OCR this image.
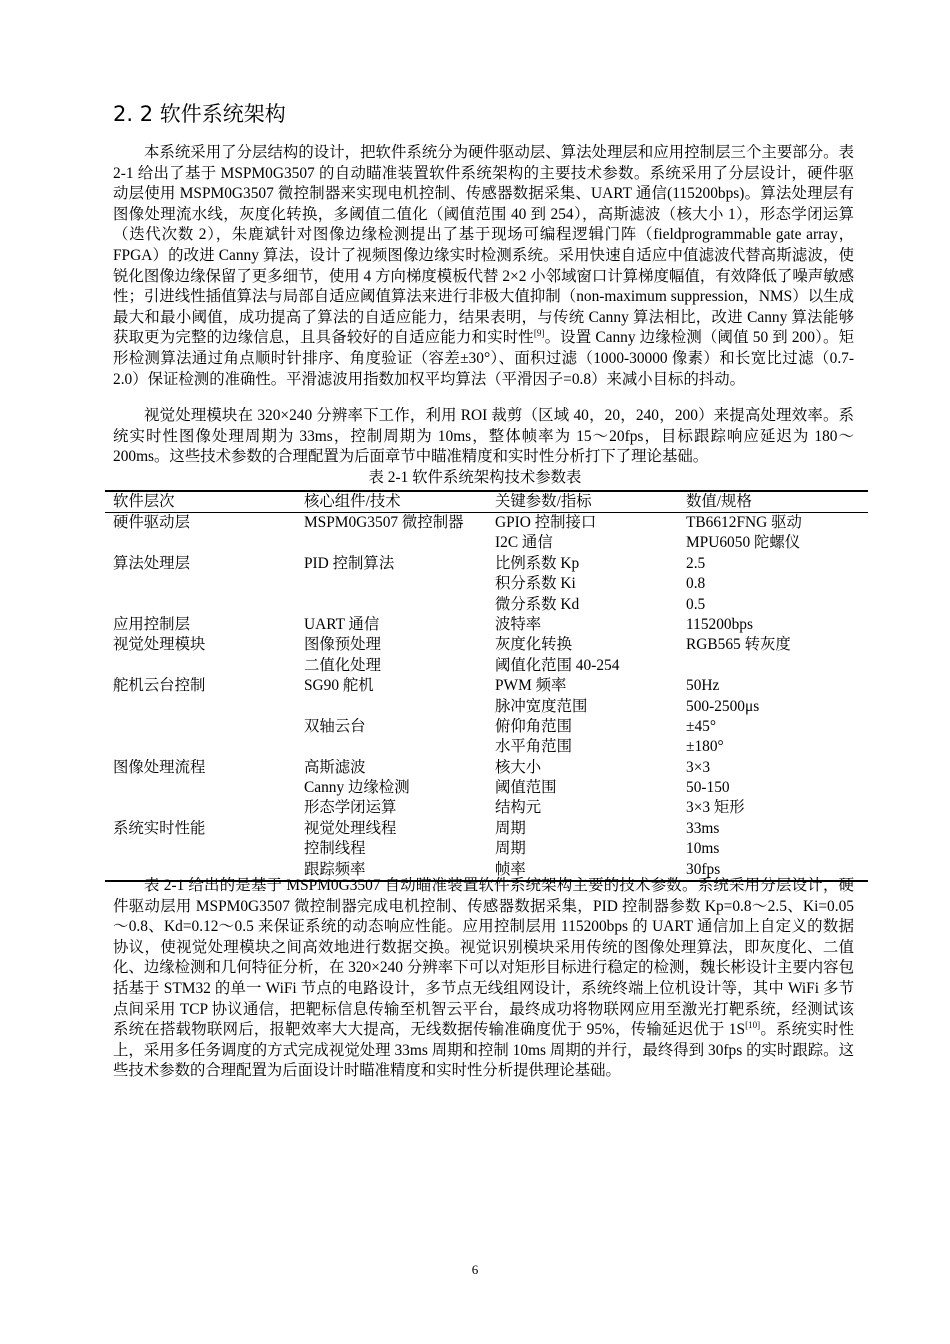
2. 2 软件系统架构

本系统采用了分层结构的设计，把软件系统分为硬件驱动层、算法处理层和应用控制层三个主要部分。表 2-1 给出了基于 MSPM0G3507 的自动瞄准装置软件系统架构的主要技术参数。系统采用了分层设计，硬件驱动层使用 MSPM0G3507 微控制器来实现电机控制、传感器数据采集、UART 通信(115200bps)。算法处理层有图像处理流水线，灰度化转换，多阈值二值化（阈值范围 40 到 254），高斯滤波（核大小 1），形态学闭运算（迭代次数 2），朱鹿斌针对图像边缘检测提出了基于现场可编程逻辑门阵（fieldprogrammable gate array，FPGA）的改进 Canny 算法，设计了视频图像边缘实时检测系统。采用快速自适应中值滤波代替高斯滤波，使锐化图像边缘保留了更多细节，使用 4 方向梯度模板代替 2×2 小邻域窗口计算梯度幅值，有效降低了噪声敏感性；引进线性插值算法与局部自适应阈值算法来进行非极大值抑制（non-maximum suppression，NMS）以生成最大和最小阈值，成功提高了算法的自适应能力，结果表明，与传统 Canny 算法相比，改进 Canny 算法能够获取更为完整的边缘信息，且具备较好的自适应能力和实时性[9]。设置 Canny 边缘检测（阈值 50 到 200）。矩形检测算法通过角点顺时针排序、角度验证（容差±30°）、面积过滤（1000-30000 像素）和长宽比过滤（0.7-2.0）保证检测的准确性。平滑滤波用指数加权平均算法（平滑因子=0.8）来减小目标的抖动。

视觉处理模块在 320×240 分辨率下工作，利用 ROI 裁剪（区域 40，20，240，200）来提高处理效率。系统实时性图像处理周期为 33ms，控制周期为 10ms，整体帧率为 15～20fps，目标跟踪响应延迟为 180～200ms。这些技术参数的合理配置为后面章节中瞄准精度和实时性分析打下了理论基础。

表 2-1 软件系统架构技术参数表
软件层次	核心组件/技术	关键参数/指标	数值/规格
硬件驱动层	MSPM0G3507 微控制器	GPIO 控制接口	TB6612FNG 驱动
		I2C 通信	MPU6050 陀螺仪
算法处理层	PID 控制算法	比例系数 Kp	2.5
		积分系数 Ki	0.8
		微分系数 Kd	0.5
应用控制层	UART 通信	波特率	115200bps
视觉处理模块	图像预处理	灰度化转换	RGB565 转灰度
	二值化处理	阈值化范围 40-254	
舵机云台控制	SG90 舵机	PWM 频率	50Hz
		脉冲宽度范围	500-2500μs
	双轴云台	俯仰角范围	±45°
		水平角范围	±180°
图像处理流程	高斯滤波	核大小	3×3
	Canny 边缘检测	阈值范围	50-150
	形态学闭运算	结构元	3×3 矩形
系统实时性能	视觉处理线程	周期	33ms
	控制线程	周期	10ms
	跟踪频率	帧率	30fps

表 2-1 给出的是基于 MSPM0G3507 自动瞄准装置软件系统架构主要的技术参数。系统采用分层设计，硬件驱动层用 MSPM0G3507 微控制器完成电机控制、传感器数据采集，PID 控制器参数 Kp=0.8～2.5、Ki=0.05～0.8、Kd=0.12～0.5 来保证系统的动态响应性能。应用控制层用 115200bps 的 UART 通信加上自定义的数据协议，使视觉处理模块之间高效地进行数据交换。视觉识别模块采用传统的图像处理算法，即灰度化、二值化、边缘检测和几何特征分析，在 320×240 分辨率下可以对矩形目标进行稳定的检测，魏长彬设计主要内容包括基于 STM32 的单一 WiFi 节点的电路设计，多节点无线组网设计，系统终端上位机设计等，其中 WiFi 多节点间采用 TCP 协议通信，把靶标信息传输至机智云平台，最终成功将物联网应用至激光打靶系统，经测试该系统在搭载物联网后，报靶效率大大提高，无线数据传输准确度优于 95%，传输延迟优于 1S[10]。系统实时性上，采用多任务调度的方式完成视觉处理 33ms 周期和控制 10ms 周期的并行，最终得到 30fps 的实时跟踪。这些技术参数的合理配置为后面设计时瞄准精度和实时性分析提供理论基础。

6
